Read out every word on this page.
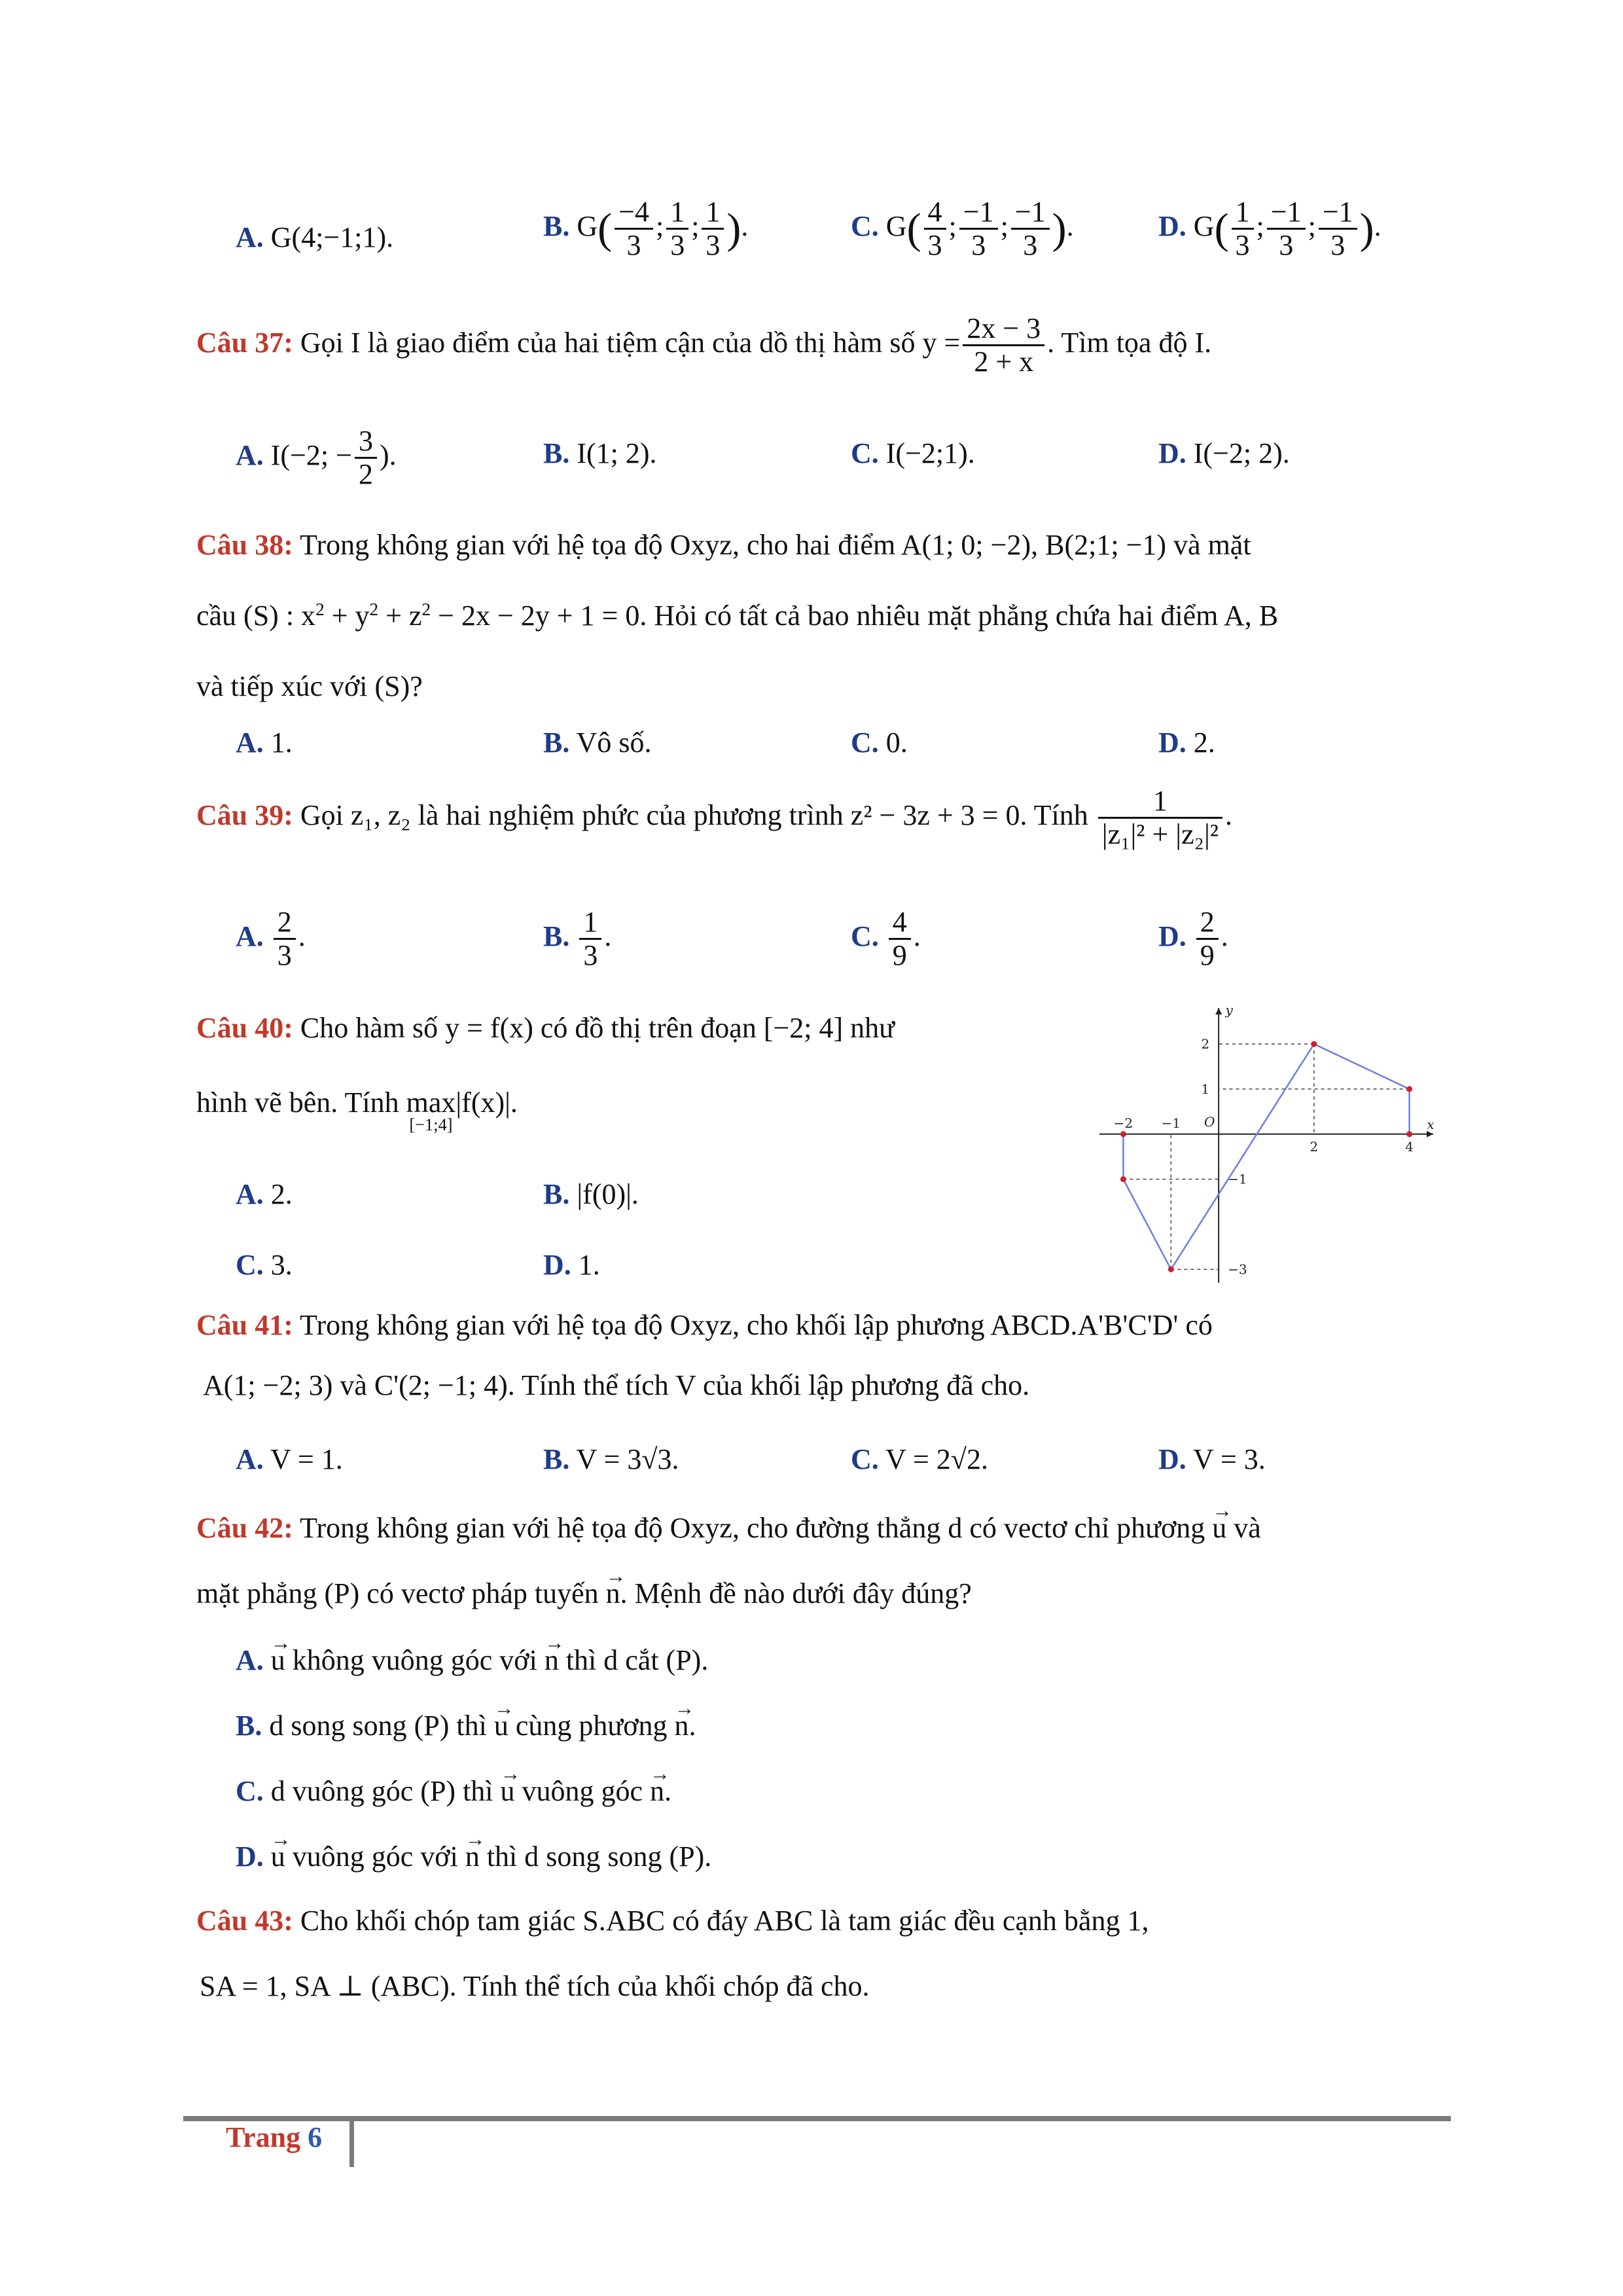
A. G(4;−1;1).	B. $G( \frac{-4}{3}$ ; $\frac{1}{3}$ ; $\frac{1}{3}$ ).	C. $G( \frac{4}{3}$ ; $\frac{-1}{3}$ ; $\frac{-1}{3}$ ).	D. $G( \frac{1}{3}$ ; $\frac{-1}{3}$ ; $\frac{-1}{3}$ ).
Câu 37: Gọi I là giao điểm của hai tiệm cận của dồ thị hàm số $y = \frac{2x - 3}{2 + x}$ . Tìm tọa độ I.
A. I(−2; − $\frac{3}{2}$ ).	B. I(1; 2).	C. I(−2;1).	D. I(−2; 2).
Câu 38: Trong không gian với hệ tọa độ Oxyz, cho hai điểm A(1; 0; −2), B(2;1; −1) và mặt
cầu (S) : $x^2 + y^2 + z^2 - 2x - 2y + 1 = 0$. Hỏi có tất cả bao nhiêu mặt phẳng chứa hai điểm A, B
và tiếp xúc với (S)?
A. 1.	B. Vô số.	C. 0.	D. 2.
Câu 39: Gọi z₁, z₂ là hai nghiệm phức của phương trình z² − 3z + 3 = 0. Tính $\frac{1}{\text{|z₁|² + |z₂|²}}$ .
A. $\frac{2}{3}$ .	B. $\frac{1}{3}$ .	C. $\frac{4}{9}$ .	D. $\frac{2}{9}$ .
Câu 40: Cho hàm số y = f(x) có đồ thị trên đoạn [−2; 4] như
hình vẽ bên. Tính max
[−1;4]
|f(x)|.
A. 2.	B. |f(0)|.
C. 3.	D. 1.
x
y
O
−2 −1
2	4
2
1
−1
−3
Câu 41: Trong không gian với hệ tọa độ Oxyz, cho khối lập phương ABCD.A'B'C'D' có
A(1; −2; 3) và C'(2; −1; 4). Tính thể tích V của khối lập phương đã cho.
A. V = 1.	B. V = 3√3.	C. V = 2√2.	D. V = 3.
Câu 42: Trong không gian với hệ tọa độ Oxyz, cho đường thẳng d có vectơ chỉ phương → u và
mặt phẳng (P) có vectơ pháp tuyến → n. Mệnh đề nào dưới đây đúng?
A. → u không vuông góc với → n thì d cắt (P).
B. d song song (P) thì → u cùng phương → n.
C. d vuông góc (P) thì → u vuông góc → n.
D. → u vuông góc với → n thì d song song (P).
Câu 43: Cho khối chóp tam giác S.ABC có đáy ABC là tam giác đều cạnh bằng 1,
SA = 1, SA ⊥ (ABC). Tính thể tích của khối chóp đã cho.
Trang 6
